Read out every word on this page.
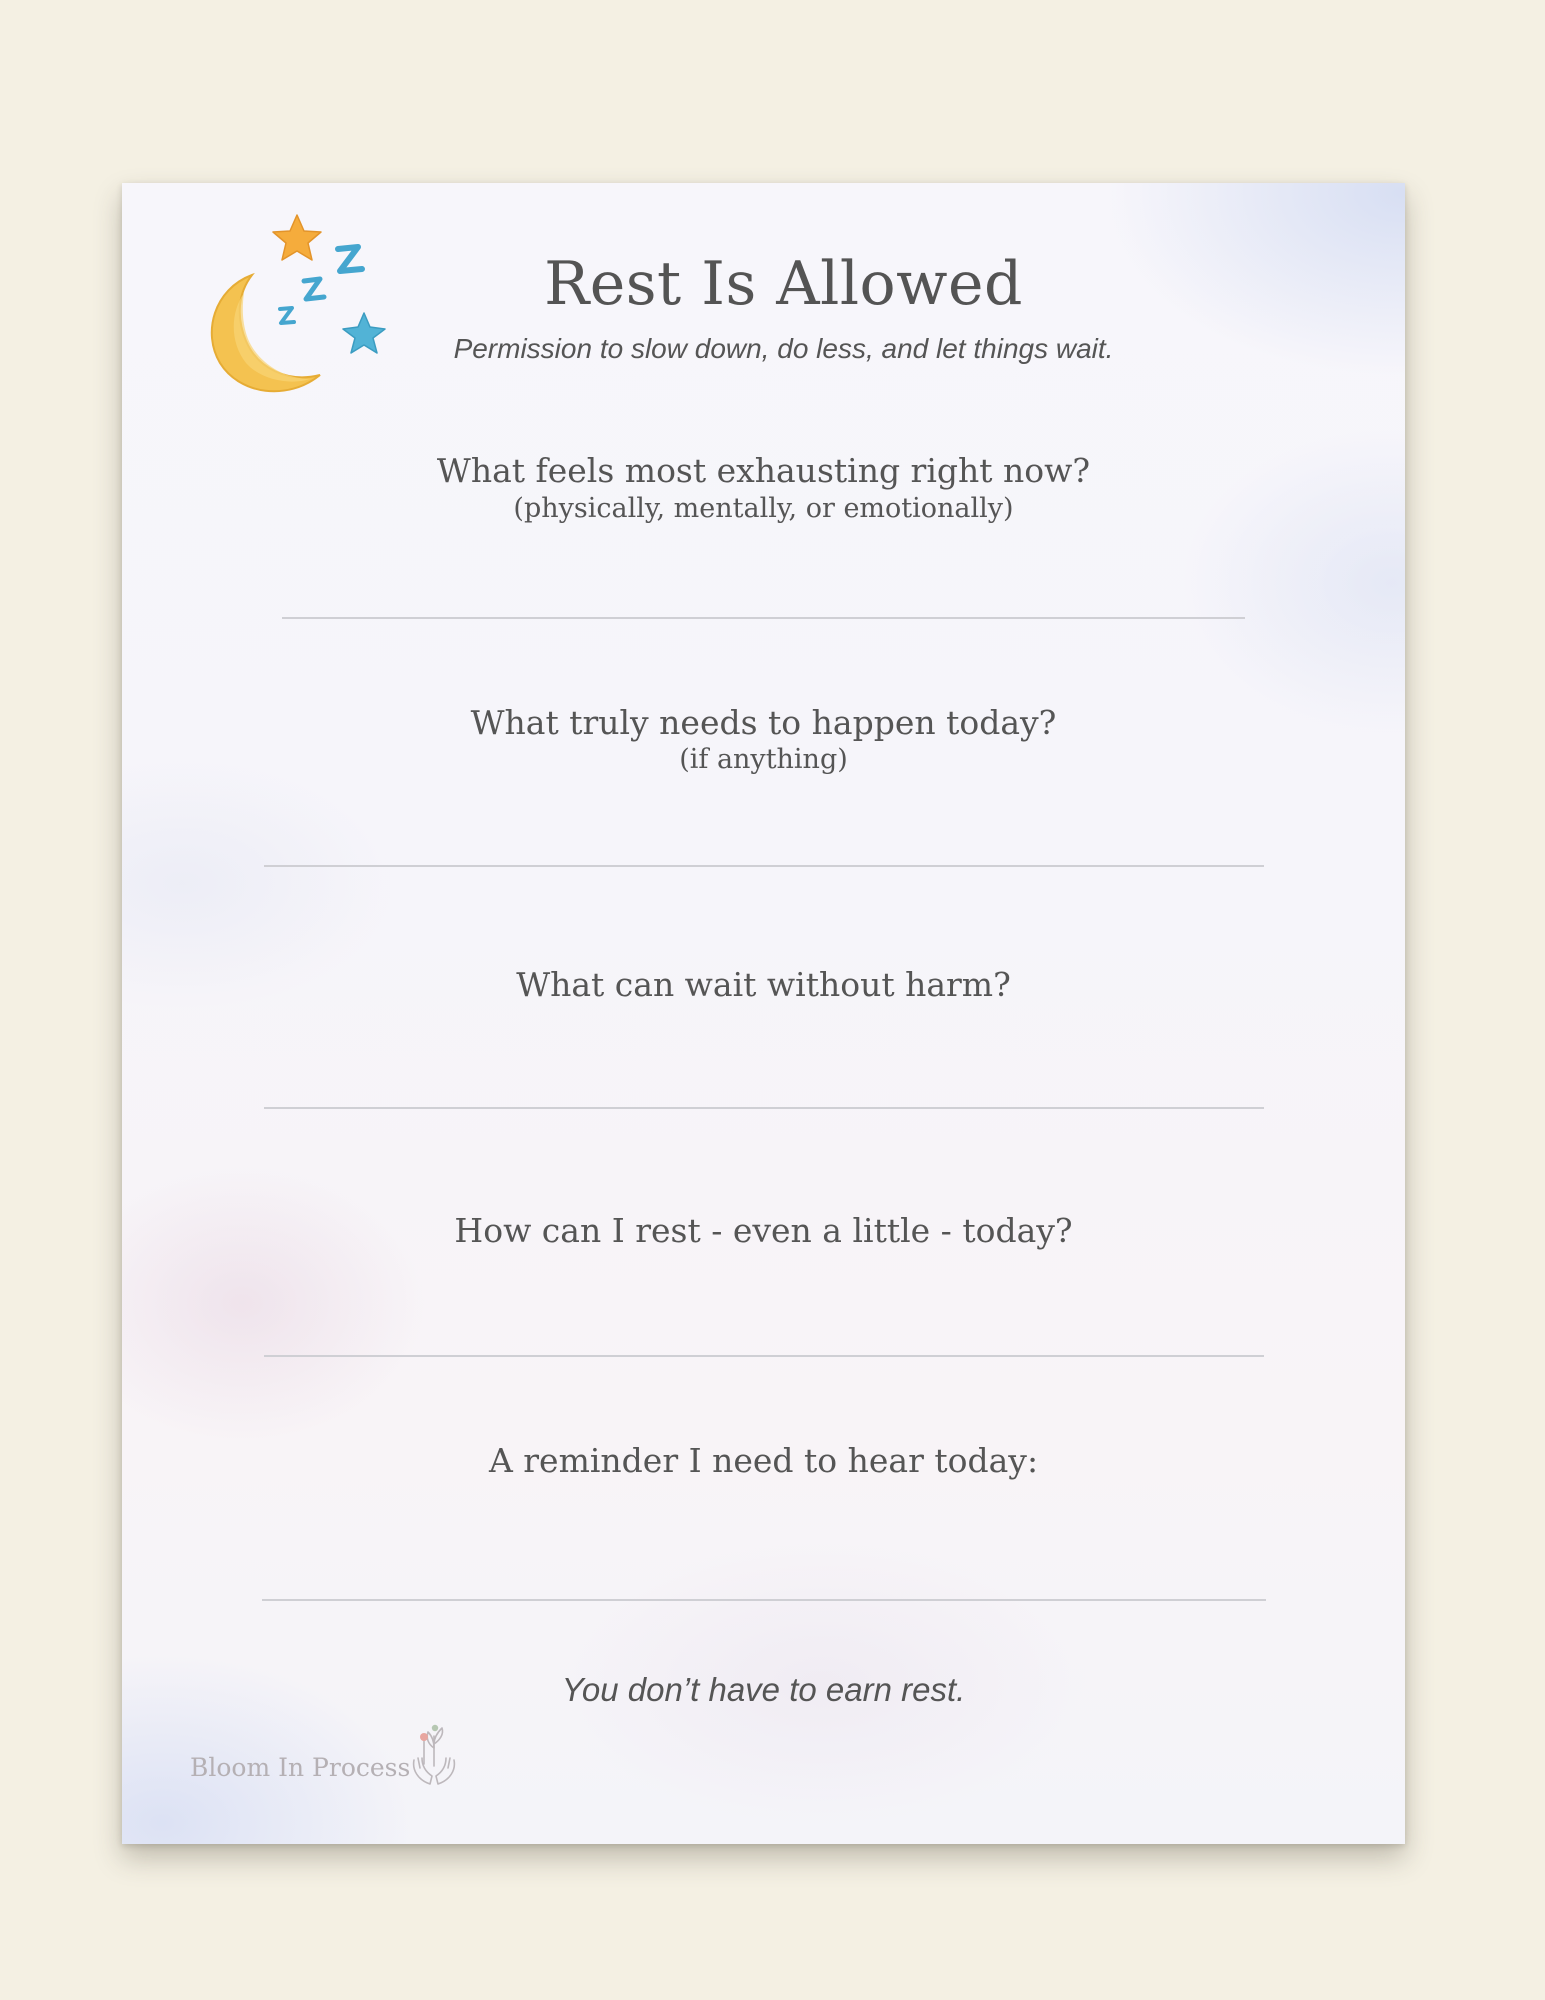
Rest Is Allowed
Permission to slow down, do less, and let things wait.
What feels most exhausting right now?
(physically, mentally, or emotionally)
What truly needs to happen today?
(if anything)
What can wait without harm?
How can I rest - even a little - today?
A reminder I need to hear today:
You don’t have to earn rest.
Bloom In Process
